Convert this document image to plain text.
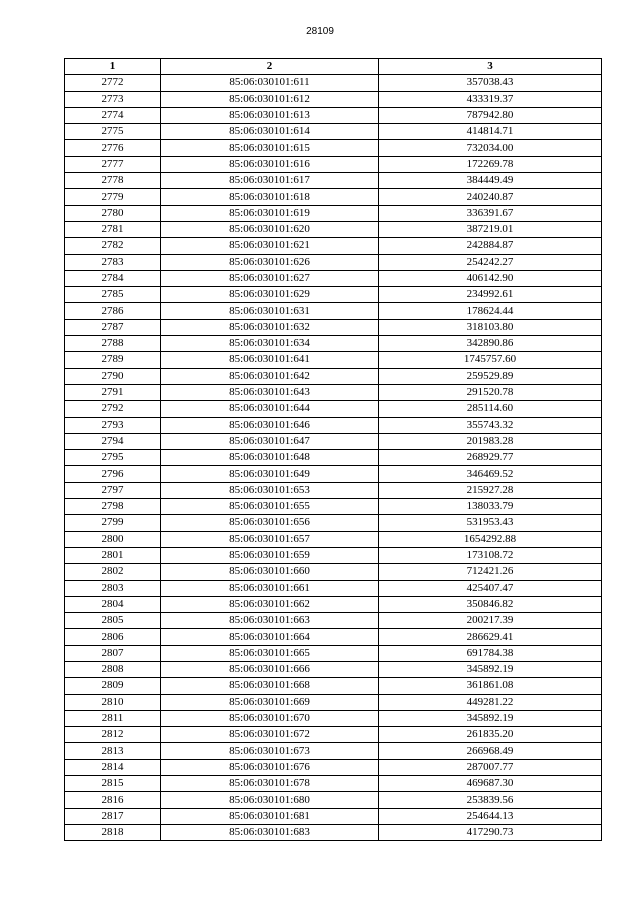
28109
1	2	3
2772	85:06:030101:611	357038.43
2773	85:06:030101:612	433319.37
2774	85:06:030101:613	787942.80
2775	85:06:030101:614	414814.71
2776	85:06:030101:615	732034.00
2777	85:06:030101:616	172269.78
2778	85:06:030101:617	384449.49
2779	85:06:030101:618	240240.87
2780	85:06:030101:619	336391.67
2781	85:06:030101:620	387219.01
2782	85:06:030101:621	242884.87
2783	85:06:030101:626	254242.27
2784	85:06:030101:627	406142.90
2785	85:06:030101:629	234992.61
2786	85:06:030101:631	178624.44
2787	85:06:030101:632	318103.80
2788	85:06:030101:634	342890.86
2789	85:06:030101:641	1745757.60
2790	85:06:030101:642	259529.89
2791	85:06:030101:643	291520.78
2792	85:06:030101:644	285114.60
2793	85:06:030101:646	355743.32
2794	85:06:030101:647	201983.28
2795	85:06:030101:648	268929.77
2796	85:06:030101:649	346469.52
2797	85:06:030101:653	215927.28
2798	85:06:030101:655	138033.79
2799	85:06:030101:656	531953.43
2800	85:06:030101:657	1654292.88
2801	85:06:030101:659	173108.72
2802	85:06:030101:660	712421.26
2803	85:06:030101:661	425407.47
2804	85:06:030101:662	350846.82
2805	85:06:030101:663	200217.39
2806	85:06:030101:664	286629.41
2807	85:06:030101:665	691784.38
2808	85:06:030101:666	345892.19
2809	85:06:030101:668	361861.08
2810	85:06:030101:669	449281.22
2811	85:06:030101:670	345892.19
2812	85:06:030101:672	261835.20
2813	85:06:030101:673	266968.49
2814	85:06:030101:676	287007.77
2815	85:06:030101:678	469687.30
2816	85:06:030101:680	253839.56
2817	85:06:030101:681	254644.13
2818	85:06:030101:683	417290.73
